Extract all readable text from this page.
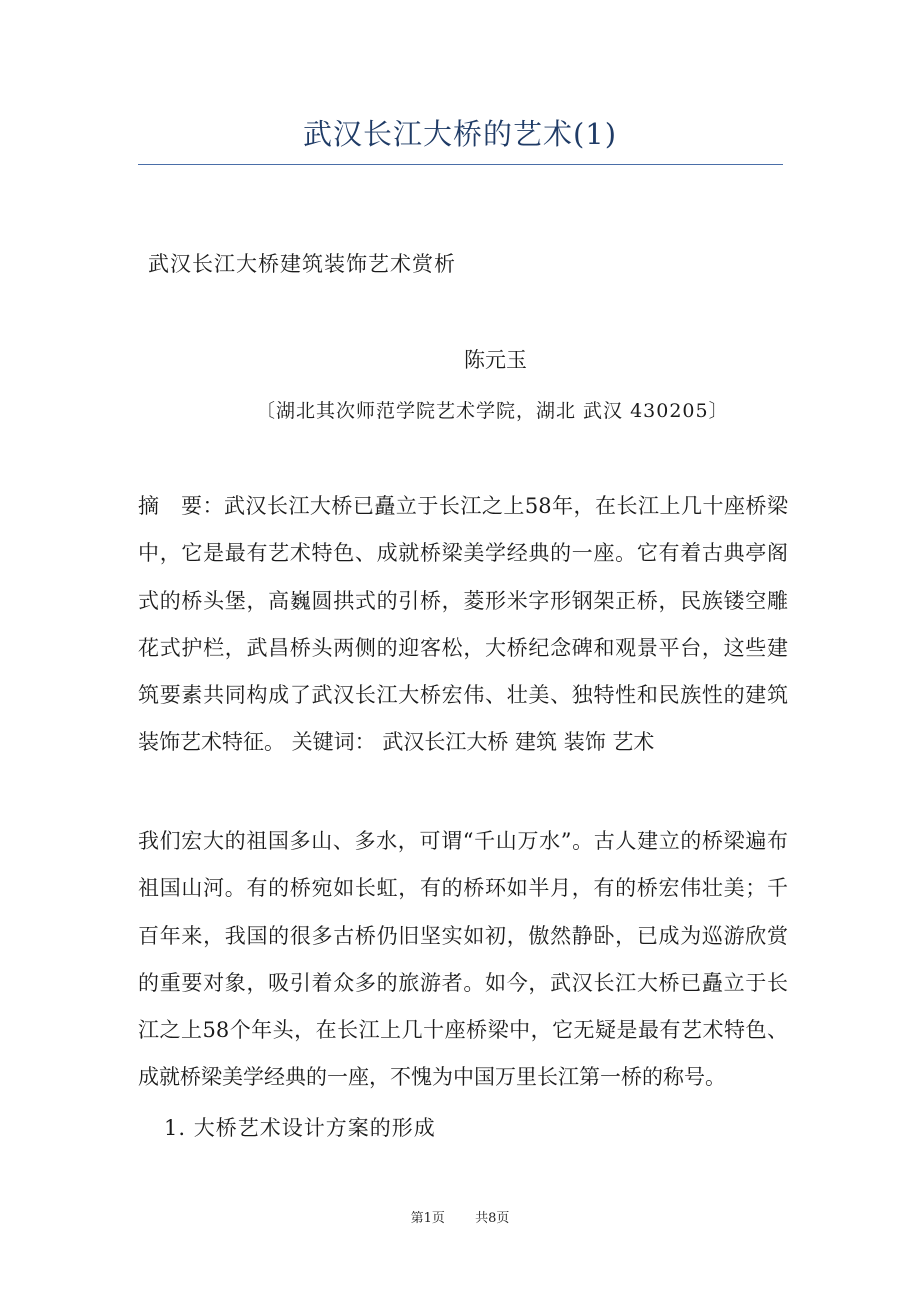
武汉长江大桥的艺术(1)
武汉长江大桥建筑装饰艺术赏析
陈元玉
〔湖北其次师范学院艺术学院，湖北 武汉 430205〕

摘　要：武汉长江大桥已矗立于长江之上58年，在长江上几十座桥梁中，它是最有艺术特色、成就桥梁美学经典的一座。它有着古典亭阁式的桥头堡，高巍圆拱式的引桥，菱形米字形钢架正桥，民族镂空雕花式护栏，武昌桥头两侧的迎客松，大桥纪念碑和观景平台，这些建筑要素共同构成了武汉长江大桥宏伟、壮美、独特性和民族性的建筑装饰艺术特征。 关键词： 武汉长江大桥 建筑 装饰 艺术

我们宏大的祖国多山、多水，可谓“千山万水”。古人建立的桥梁遍布祖国山河。有的桥宛如长虹，有的桥环如半月，有的桥宏伟壮美；千百年来，我国的很多古桥仍旧坚实如初，傲然静卧，已成为巡游欣赏的重要对象，吸引着众多的旅游者。如今，武汉长江大桥已矗立于长江之上58个年头，在长江上几十座桥梁中，它无疑是最有艺术特色、成就桥梁美学经典的一座，不愧为中国万里长江第一桥的称号。

1. 大桥艺术设计方案的形成
第1页 共8页
